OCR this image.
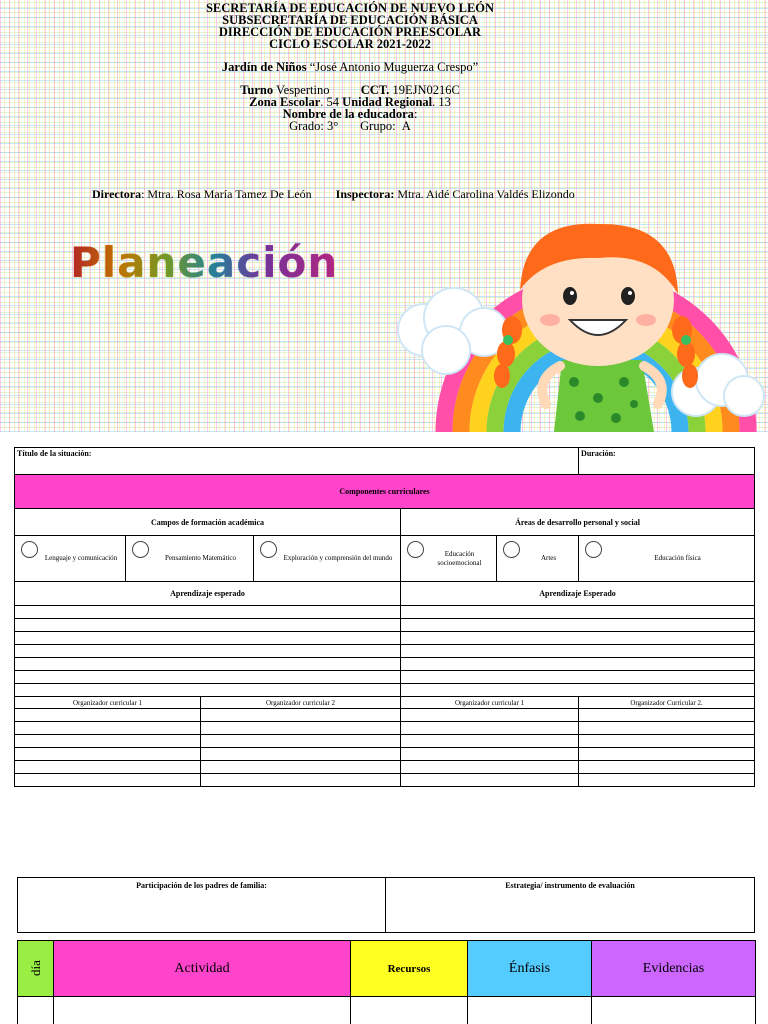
SECRETARÍA DE EDUCACIÓN DE NUEVO LEÓN
SUBSECRETARÍA DE EDUCACIÓN BÁSICA
DIRECCIÓN DE EDUCACIÓN PREESCOLAR
CICLO ESCOLAR 2021-2022
Jardín de Niños “José Antonio Muguerza Crespo”
Turno Vespertino	CCT. 19EJN0216C
Zona Escolar. 54 Unidad Regional. 13
Nombre de la educadora:
Grado: 3° Grupo: A
Directora: Mtra. Rosa María Tamez De León Inspectora: Mtra. Aidé Carolina Valdés Elizondo
Planeación
Título de la situación:						Duración:
Componentes curriculares						
Campos de formación académica				Áreas de desarrollo personal y social		

Lenguaje y comunicación	Pensamiento Matemático		Exploración y comprensión del mundo	Educación socioemocional	Artes	Educación física

Aprendizaje esperado				Aprendizaje Esperado		

Organizador curricular 1		Organizador curricular 2		Organizador curricular 1		Organizador Curricular 2.

Participación de los padres de familia:	Estrategia/ instrumento de evaluación
día	Actividad	Recursos	Énfasis	Evidencias
